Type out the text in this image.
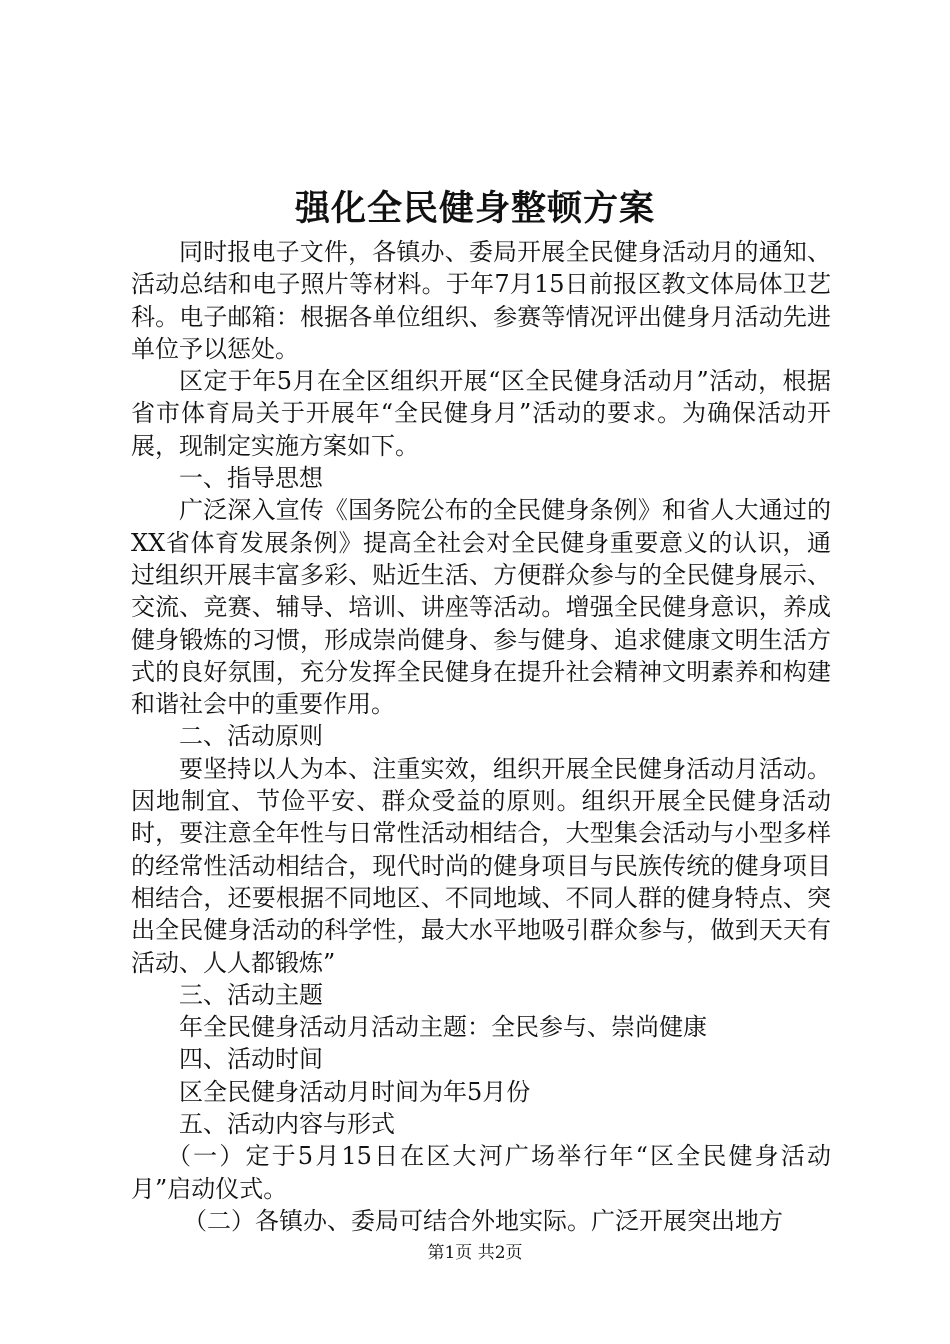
强化全民健身整顿方案

同时报电子文件，各镇办、委局开展全民健身活动月的通知、活动总结和电子照片等材料。于年7月15日前报区教文体局体卫艺科。电子邮箱：根据各单位组织、参赛等情况评出健身月活动先进单位予以惩处。

区定于年5月在全区组织开展“区全民健身活动月”活动，根据省市体育局关于开展年“全民健身月”活动的要求。为确保活动开展，现制定实施方案如下。

一、指导思想

广泛深入宣传《国务院公布的全民健身条例》和省人大通过的XX省体育发展条例》提高全社会对全民健身重要意义的认识，通过组织开展丰富多彩、贴近生活、方便群众参与的全民健身展示、交流、竞赛、辅导、培训、讲座等活动。增强全民健身意识，养成健身锻炼的习惯，形成崇尚健身、参与健身、追求健康文明生活方式的良好氛围，充分发挥全民健身在提升社会精神文明素养和构建和谐社会中的重要作用。

二、活动原则

要坚持以人为本、注重实效，组织开展全民健身活动月活动。因地制宜、节俭平安、群众受益的原则。组织开展全民健身活动时，要注意全年性与日常性活动相结合，大型集会活动与小型多样的经常性活动相结合，现代时尚的健身项目与民族传统的健身项目相结合，还要根据不同地区、不同地域、不同人群的健身特点、突出全民健身活动的科学性，最大水平地吸引群众参与，做到天天有活动、人人都锻炼”

三、活动主题

年全民健身活动月活动主题：全民参与、崇尚健康

四、活动时间

区全民健身活动月时间为年5月份

五、活动内容与形式

（一）定于5月15日在区大河广场举行年“区全民健身活动月”启动仪式。

（二）各镇办、委局可结合外地实际。广泛开展突出地方

第1页 共2页
